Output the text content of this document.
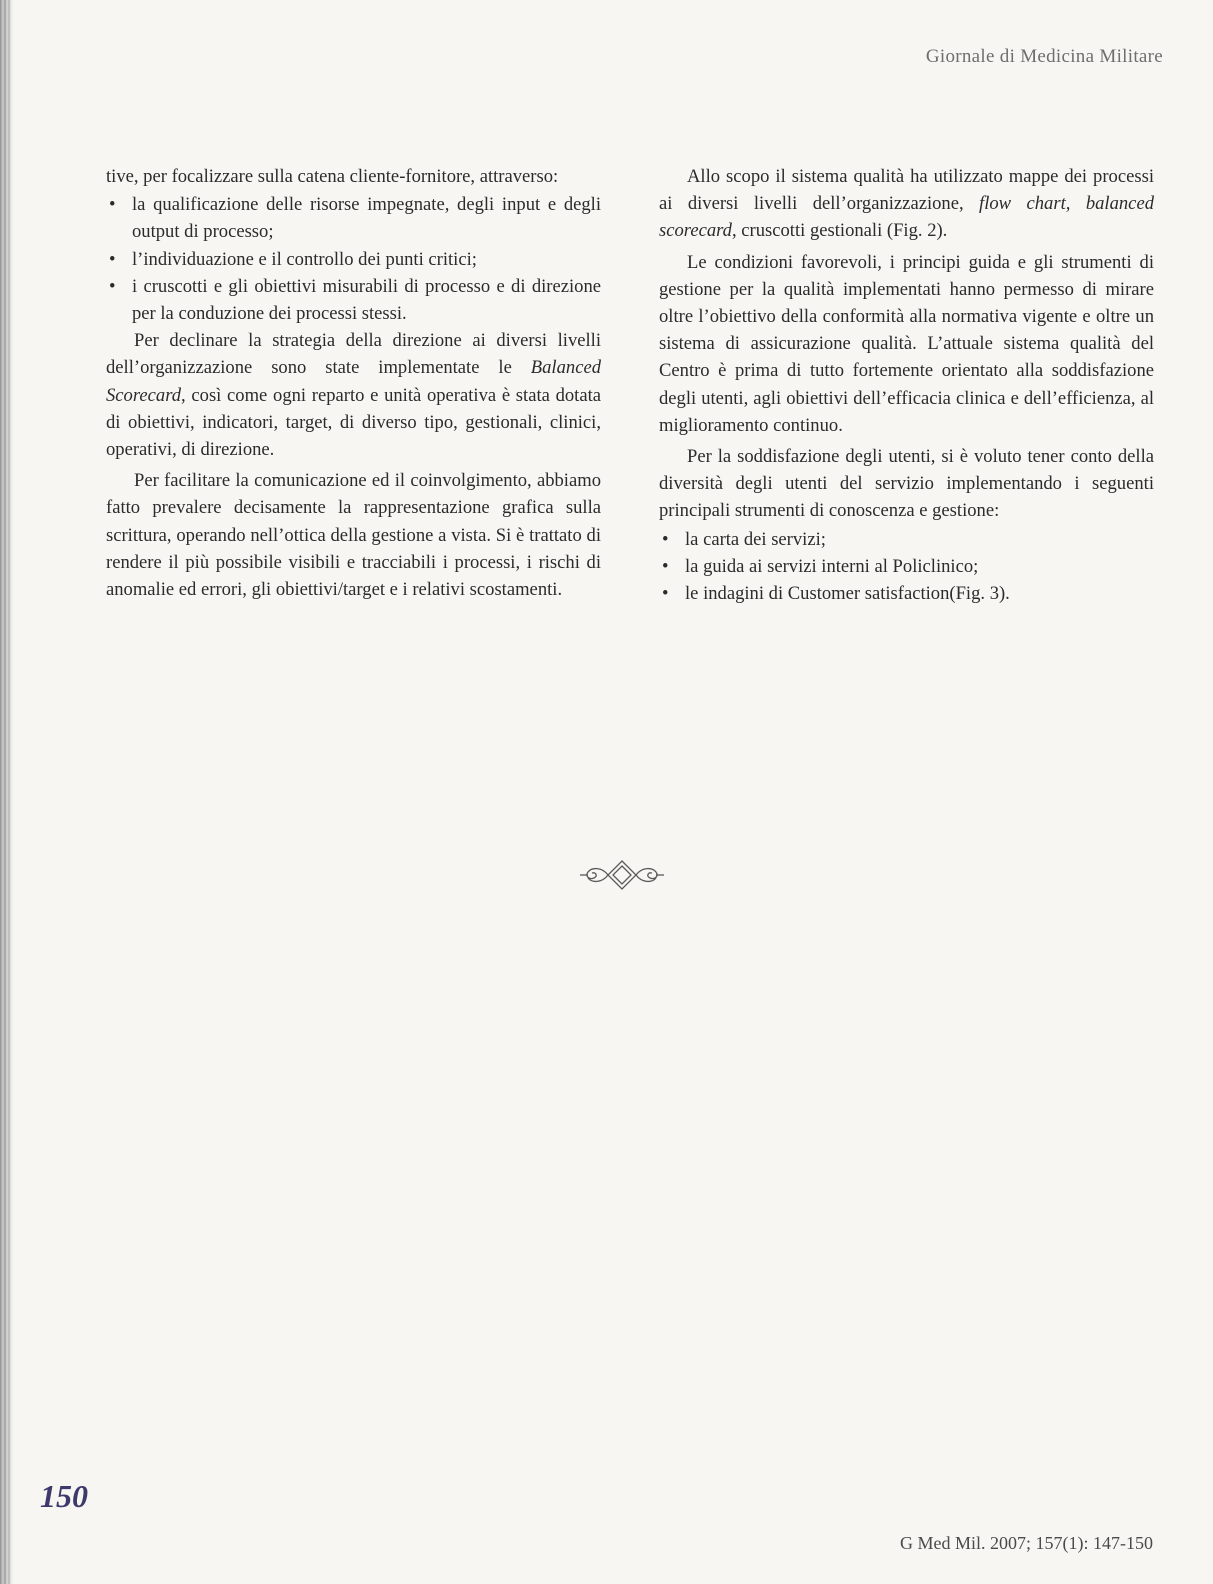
Giornale di Medicina Militare

tive, per focalizzare sulla catena cliente-fornitore, attraverso:

• la qualificazione delle risorse impegnate, degli input e degli output di processo;
• l’individuazione e il controllo dei punti critici;
• i cruscotti e gli obiettivi misurabili di processo e di direzione per la conduzione dei processi stessi.

Per declinare la strategia della direzione ai diversi livelli dell’organizzazione sono state implementate le Balanced Scorecard, così come ogni reparto e unità operativa è stata dotata di obiettivi, indicatori, target, di diverso tipo, gestionali, clinici, operativi, di direzione.

Per facilitare la comunicazione ed il coinvolgimento, abbiamo fatto prevalere decisamente la rappresentazione grafica sulla scrittura, operando nell’ottica della gestione a vista. Si è trattato di rendere il più possibile visibili e tracciabili i processi, i rischi di anomalie ed errori, gli obiettivi/target e i relativi scostamenti.

Allo scopo il sistema qualità ha utilizzato mappe dei processi ai diversi livelli dell’organizzazione, flow chart, balanced scorecard, cruscotti gestionali (Fig. 2).

Le condizioni favorevoli, i principi guida e gli strumenti di gestione per la qualità implementati hanno permesso di mirare oltre l’obiettivo della conformità alla normativa vigente e oltre un sistema di assicurazione qualità. L’attuale sistema qualità del Centro è prima di tutto fortemente orientato alla soddisfazione degli utenti, agli obiettivi dell’efficacia clinica e dell’efficienza, al miglioramento continuo.

Per la soddisfazione degli utenti, si è voluto tener conto della diversità degli utenti del servizio implementando i seguenti principali strumenti di conoscenza e gestione:

• la carta dei servizi;
• la guida ai servizi interni al Policlinico;
• le indagini di Customer satisfaction(Fig. 3).
150
G Med Mil. 2007; 157(1): 147-150
